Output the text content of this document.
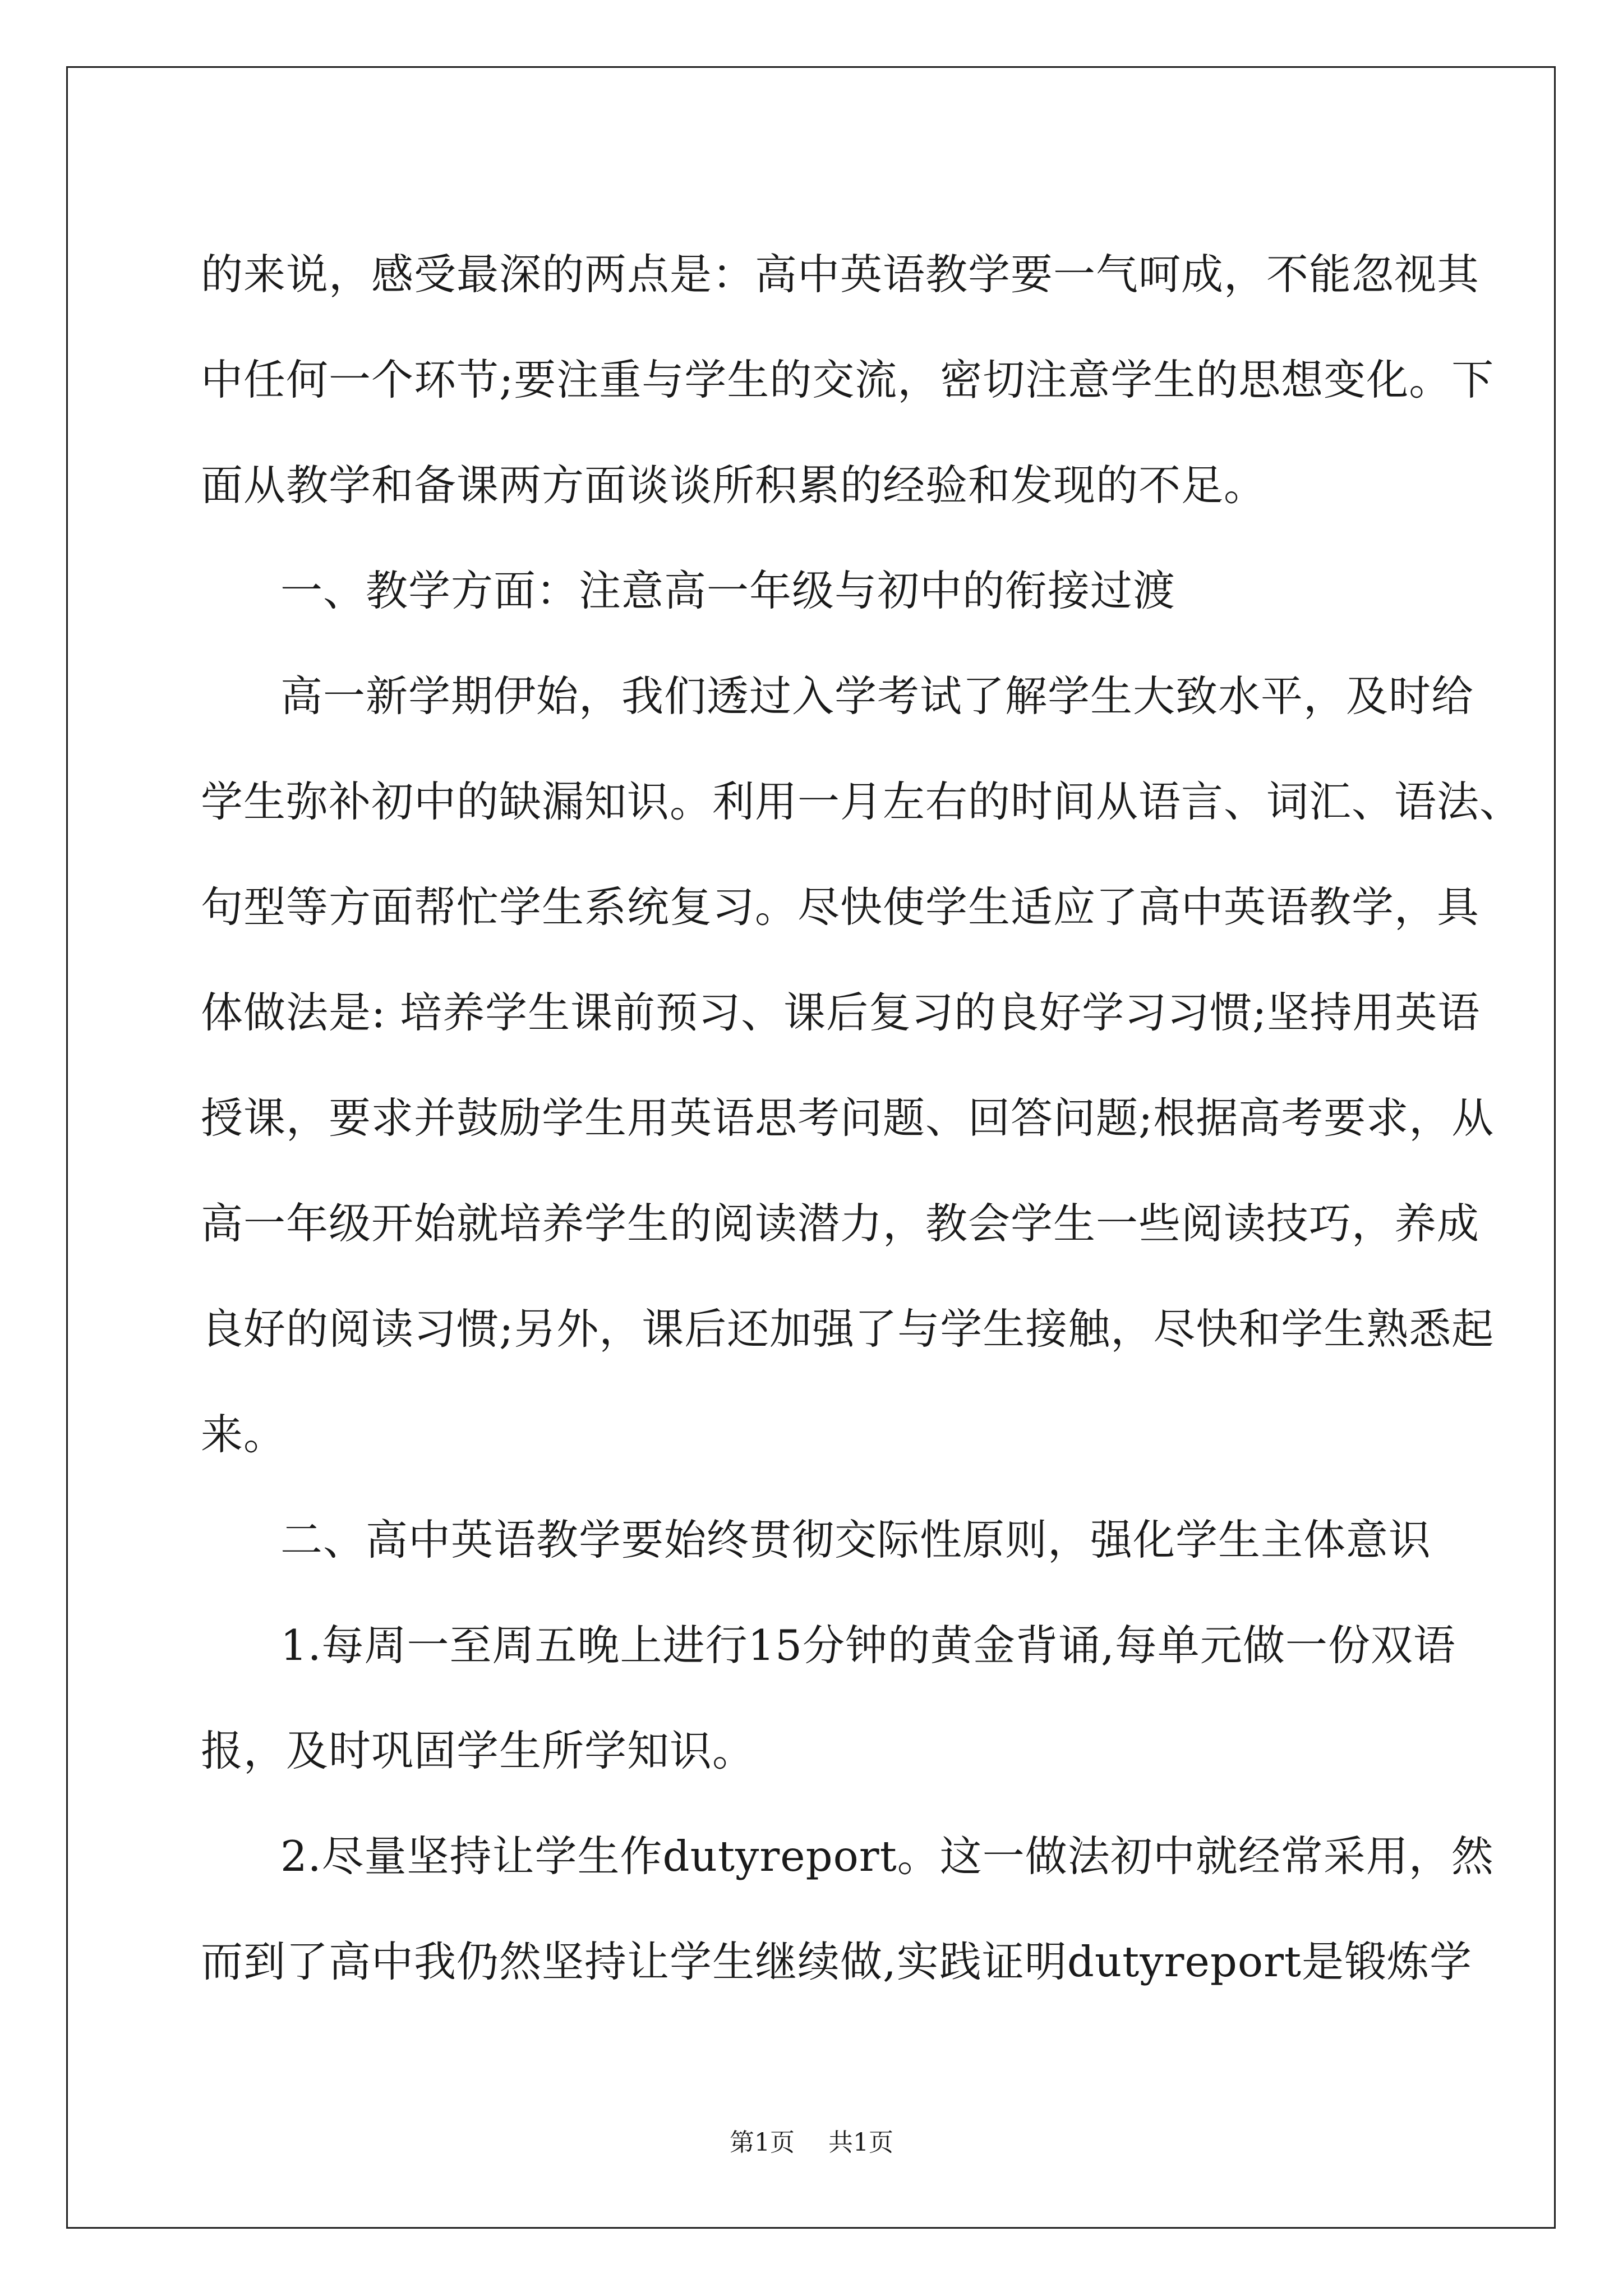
的来说，感受最深的两点是：高中英语教学要一气呵成，不能忽视其
中任何一个环节;要注重与学生的交流，密切注意学生的思想变化。下
面从教学和备课两方面谈谈所积累的经验和发现的不足。
一、教学方面：注意高一年级与初中的衔接过渡
高一新学期伊始，我们透过入学考试了解学生大致水平，及时给
学生弥补初中的缺漏知识。利用一月左右的时间从语言、词汇、语法、
句型等方面帮忙学生系统复习。尽快使学生适应了高中英语教学，具
体做法是: 培养学生课前预习、课后复习的良好学习习惯;坚持用英语
授课，要求并鼓励学生用英语思考问题、回答问题;根据高考要求，从
高一年级开始就培养学生的阅读潜力，教会学生一些阅读技巧，养成
良好的阅读习惯;另外，课后还加强了与学生接触，尽快和学生熟悉起
来。
二、高中英语教学要始终贯彻交际性原则，强化学生主体意识
1.每周一至周五晚上进行15分钟的黄金背诵,每单元做一份双语
报，及时巩固学生所学知识。
2.尽量坚持让学生作dutyreport。这一做法初中就经常采用，然
而到了高中我仍然坚持让学生继续做,实践证明dutyreport是锻炼学
第1页 共1页
